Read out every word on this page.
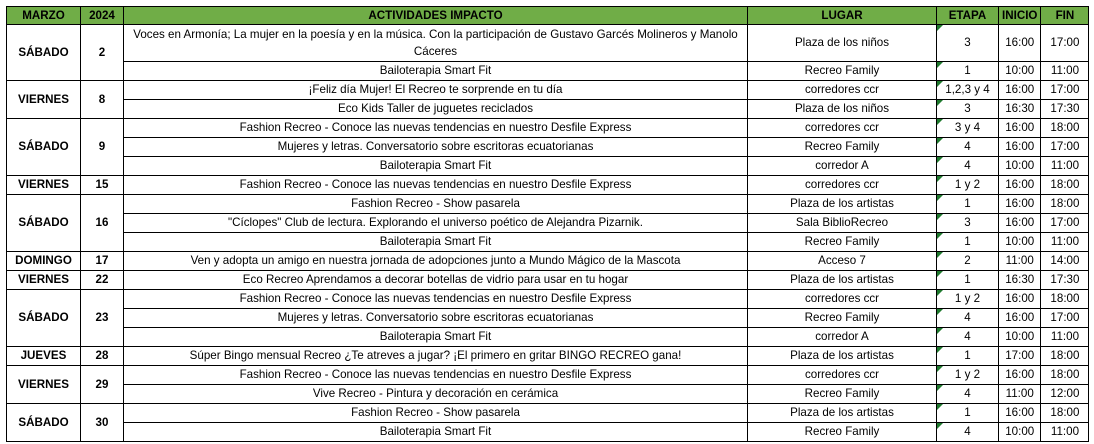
MARZO	2024	ACTIVIDADES IMPACTO	LUGAR	ETAPA	INICIO	FIN
SÁBADO	2	Voces en Armonía; La mujer en la poesía y en la música. Con la participación de Gustavo Garcés Molineros y Manolo Cáceres	Plaza de los niños	3	16:00	17:00
		Bailoterapia Smart Fit	Recreo Family	1	10:00	11:00
VIERNES	8	¡Feliz día Mujer! El Recreo te sorprende en tu día	corredores ccr	1,2,3 y 4	16:00	17:00
		Eco Kids Taller de juguetes reciclados	Plaza de los niños	3	16:30	17:30
SÁBADO	9	Fashion Recreo - Conoce las nuevas tendencias en nuestro Desfile Express	corredores ccr	3 y 4	16:00	18:00
		Mujeres y letras. Conversatorio sobre escritoras ecuatorianas	Recreo Family	4	16:00	17:00
		Bailoterapia Smart Fit	corredor A	4	10:00	11:00
VIERNES	15	Fashion Recreo - Conoce las nuevas tendencias en nuestro Desfile Express	corredores ccr	1 y 2	16:00	18:00
SÁBADO	16	Fashion Recreo - Show pasarela	Plaza de los artistas	1	16:00	18:00
		"Cíclopes" Club de lectura. Explorando el universo poético de Alejandra Pizarnik.	Sala BiblioRecreo	3	16:00	17:00
		Bailoterapia Smart Fit	Recreo Family	1	10:00	11:00
DOMINGO	17	Ven y adopta un amigo en nuestra jornada de adopciones junto a Mundo Mágico de la Mascota	Acceso 7	2	11:00	14:00
VIERNES	22	Eco Recreo Aprendamos a decorar botellas de vidrio para usar en tu hogar	Plaza de los artistas	1	16:30	17:30
SÁBADO	23	Fashion Recreo - Conoce las nuevas tendencias en nuestro Desfile Express	corredores ccr	1 y 2	16:00	18:00
		Mujeres y letras. Conversatorio sobre escritoras ecuatorianas	Recreo Family	4	16:00	17:00
		Bailoterapia Smart Fit	corredor A	4	10:00	11:00
JUEVES	28	Súper Bingo mensual Recreo ¿Te atreves a jugar? ¡El primero en gritar BINGO RECREO gana!	Plaza de los artistas	1	17:00	18:00
VIERNES	29	Fashion Recreo - Conoce las nuevas tendencias en nuestro Desfile Express	corredores ccr	1 y 2	16:00	18:00
		Vive Recreo - Pintura y decoración en cerámica	Recreo Family	4	11:00	12:00
SÁBADO	30	Fashion Recreo - Show pasarela	Plaza de los artistas	1	16:00	18:00
		Bailoterapia Smart Fit	Recreo Family	4	10:00	11:00
